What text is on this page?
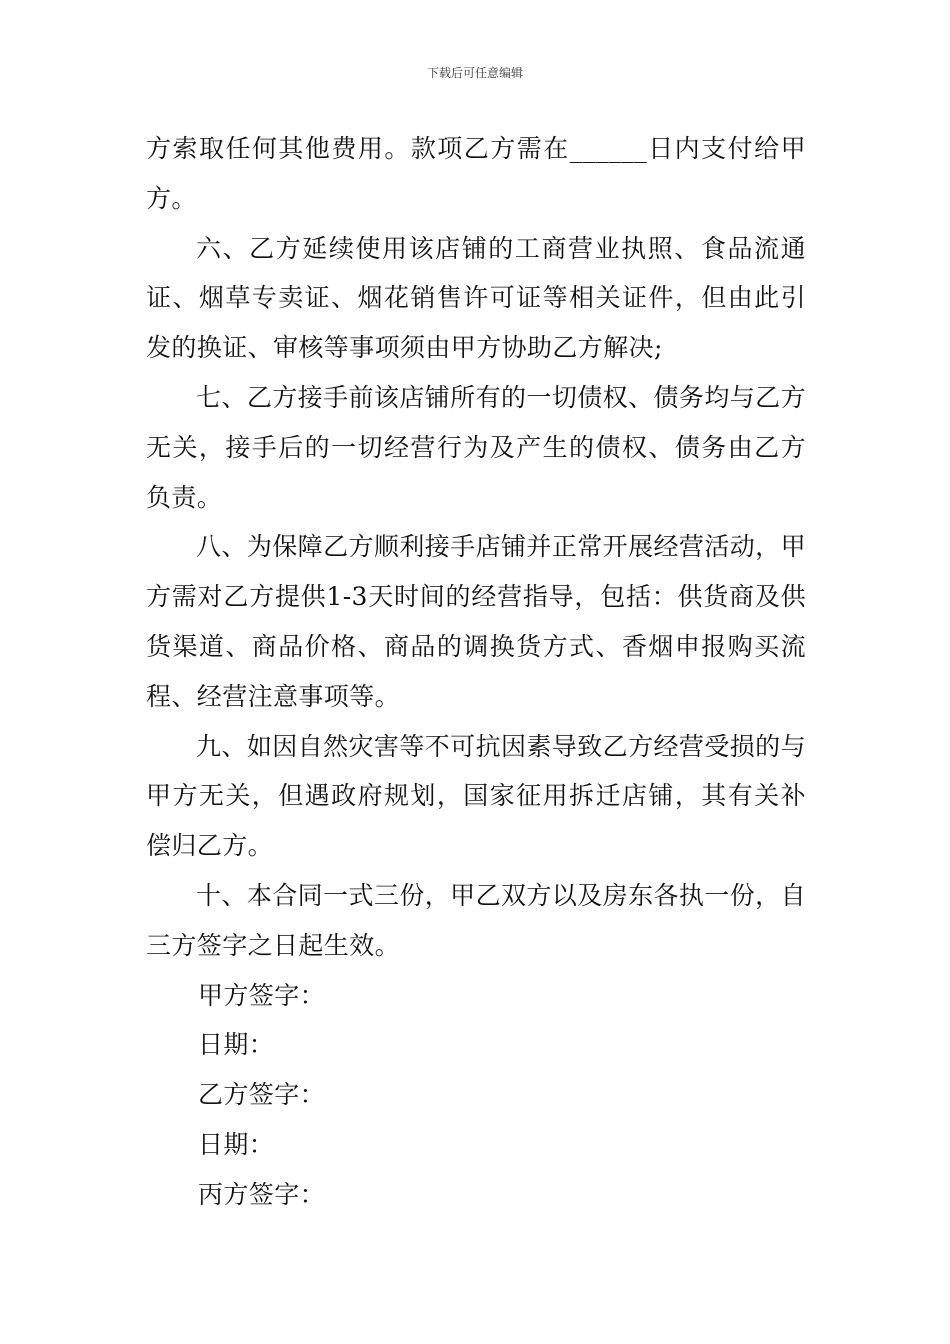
下载后可任意编辑

方索取任何其他费用。款项乙方需在______日内支付给甲方。

六、乙方延续使用该店铺的工商营业执照、食品流通证、烟草专卖证、烟花销售许可证等相关证件，但由此引发的换证、审核等事项须由甲方协助乙方解决;

七、乙方接手前该店铺所有的一切债权、债务均与乙方无关，接手后的一切经营行为及产生的债权、债务由乙方负责。

八、为保障乙方顺利接手店铺并正常开展经营活动，甲方需对乙方提供1-3天时间的经营指导，包括：供货商及供货渠道、商品价格、商品的调换货方式、香烟申报购买流程、经营注意事项等。

九、如因自然灾害等不可抗因素导致乙方经营受损的与甲方无关，但遇政府规划，国家征用拆迁店铺，其有关补偿归乙方。

十、本合同一式三份，甲乙双方以及房东各执一份，自三方签字之日起生效。

甲方签字：

日期：

乙方签字：

日期：

丙方签字：
